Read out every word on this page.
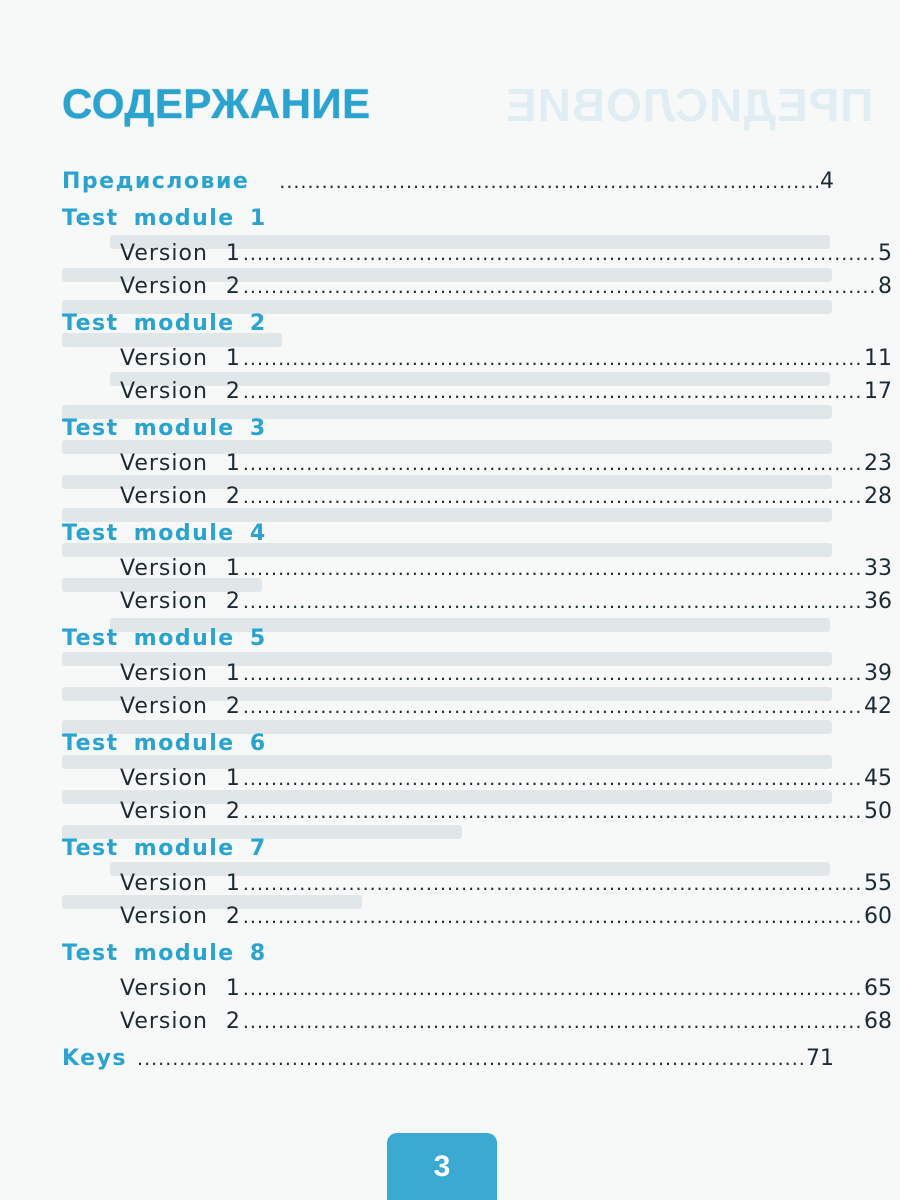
ПРЕДИСЛОВИЕ
СОДЕРЖАНИЕ
Предисловие .....	4
Test module 1
Version 1 .....	5
Version 2 .....	8
Test module 2
Version 1 .....	11
Version 2 .....	17
Test module 3
Version 1 .....	23
Version 2 .....	28
Test module 4
Version 1 .....	33
Version 2 .....	36
Test module 5
Version 1 .....	39
Version 2 .....	42
Test module 6
Version 1 .....	45
Version 2 .....	50
Test module 7
Version 1 .....	55
Version 2 .....	60
Test module 8
Version 1 .....	65
Version 2 .....	68
Keys .....	71
3
